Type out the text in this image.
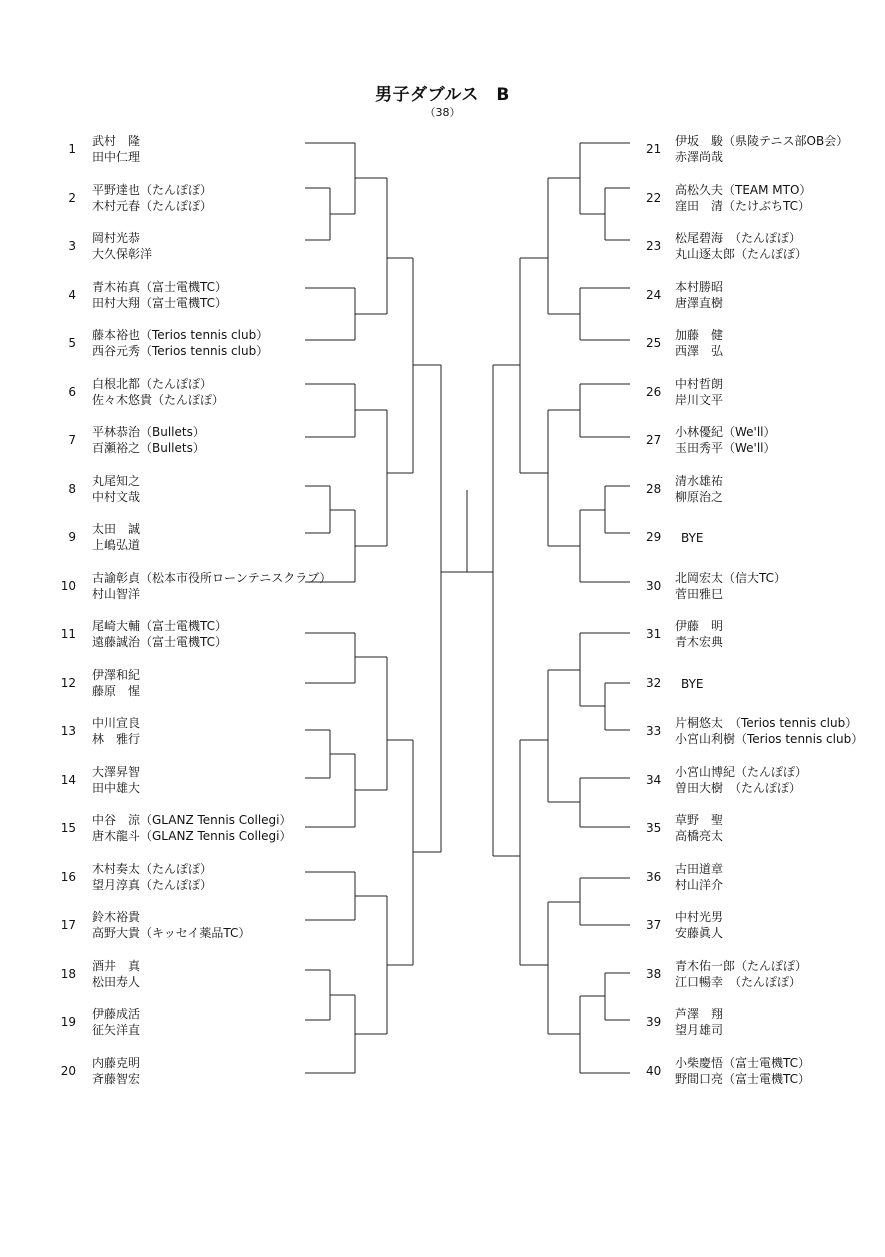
男子ダブルス　B
（38）
1
武村　隆
田中仁理
2
平野達也（たんぽぽ）
木村元春（たんぽぽ）
3
岡村光恭
大久保彰洋
4
青木祐真（富士電機TC）
田村大翔（富士電機TC）
5
藤本裕也（Terios tennis club）
西谷元秀（Terios tennis club）
6
白根北都（たんぽぽ）
佐々木悠貴（たんぽぽ）
7
平林恭治（Bullets）
百瀬裕之（Bullets）
8
丸尾知之
中村文哉
9
太田　誠
上嶋弘道
10
古諭彰貞（松本市役所ローンテニスクラブ）
村山智洋
11
尾崎大輔（富士電機TC）
遠藤誠治（富士電機TC）
12
伊澤和紀
藤原　惺
13
中川宣良
林　雅行
14
大澤昇智
田中雄大
15
中谷　涼（GLANZ Tennis Collegi）
唐木龍斗（GLANZ Tennis Collegi）
16
木村奏太（たんぽぽ）
望月淳真（たんぽぽ）
17
鈴木裕貴
高野大貴（キッセイ薬品TC）
18
酒井　真
松田寿人
19
伊藤成活
征矢洋直
20
内藤克明
斉藤智宏
21
伊坂　駿（県陵テニス部OB会）
赤澤尚哉
22
高松久夫（TEAM MTO）
窪田　清（たけぶちTC）
23
松尾碧海　（たんぽぽ）
丸山逐太郎（たんぽぽ）
24
本村勝昭
唐澤直樹
25
加藤　健
西澤　弘
26
中村哲朗
岸川文平
27
小林優紀（We'll）
玉田秀平（We'll）
28
清水雄祐
柳原治之
29	BYE
30
北岡宏太（信大TC）
菅田雅巳
31
伊藤　明
青木宏典
32	BYE
33
片桐悠太　（Terios tennis club）
小宮山利樹（Terios tennis club）
34
小宮山博紀（たんぽぽ）
曽田大樹　（たんぽぽ）
35
草野　聖
高橋亮太
36
古田道章
村山洋介
37
中村光男
安藤眞人
38
青木佑一郎（たんぽぽ）
江口暢幸　（たんぽぽ）
39
芦澤　翔
望月雄司
40
小柴慶悟（富士電機TC）
野間口亮（富士電機TC）
